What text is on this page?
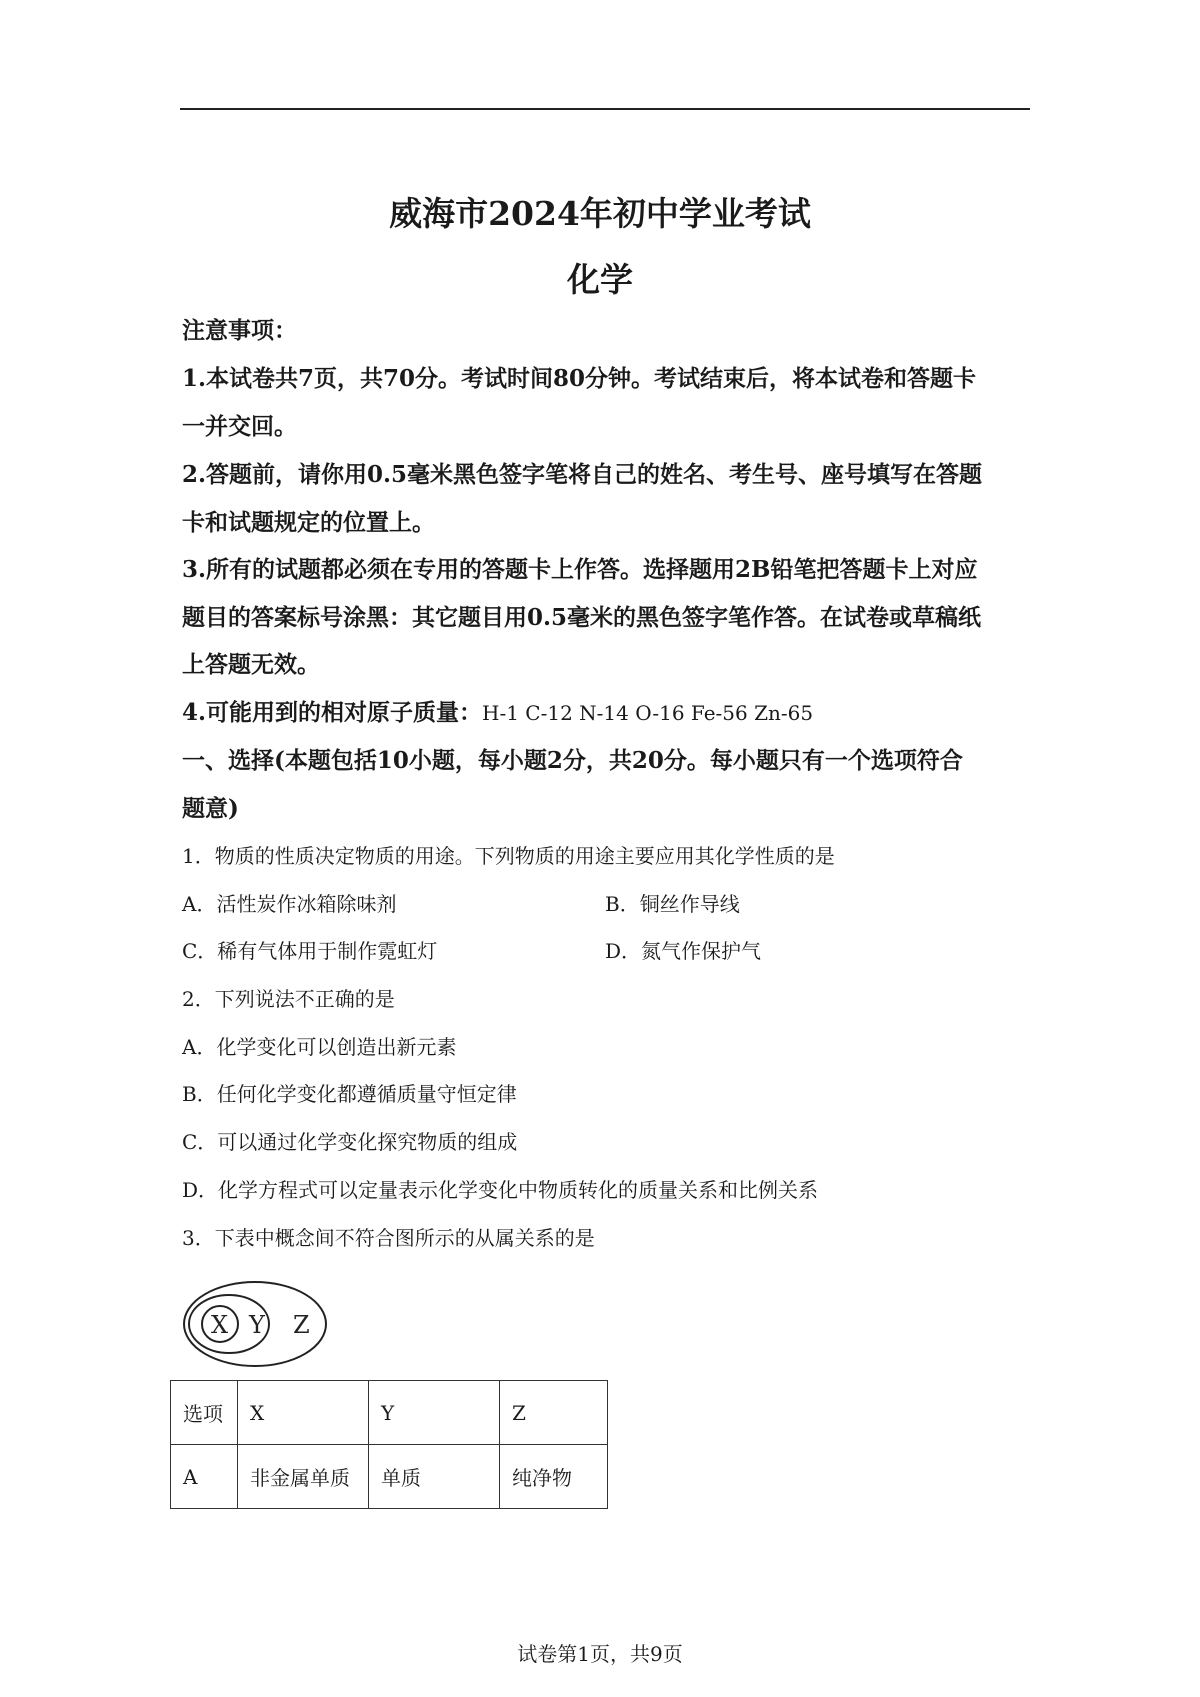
威海市2024年初中学业考试
化学
注意事项：
1.本试卷共7页，共70分。考试时间80分钟。考试结束后，将本试卷和答题卡
一并交回。
2.答题前，请你用0.5毫米黑色签字笔将自己的姓名、考生号、座号填写在答题
卡和试题规定的位置上。
3.所有的试题都必须在专用的答题卡上作答。选择题用2B铅笔把答题卡上对应
题目的答案标号涂黑：其它题目用0.5毫米的黑色签字笔作答。在试卷或草稿纸
上答题无效。
4.可能用到的相对原子质量：H-1 C-12 N-14 O-16 Fe-56 Zn-65
一、选择(本题包括10小题，每小题2分，共20分。每小题只有一个选项符合
题意)
1．物质的性质决定物质的用途。下列物质的用途主要应用其化学性质的是
A．活性炭作冰箱除味剂	B．铜丝作导线
C．稀有气体用于制作霓虹灯	D．氮气作保护气
2．下列说法不正确的是
A．化学变化可以创造出新元素
B．任何化学变化都遵循质量守恒定律
C．可以通过化学变化探究物质的组成
D．化学方程式可以定量表示化学变化中物质转化的质量关系和比例关系
3．下表中概念间不符合图所示的从属关系的是
X Y Z
选项	X	Y	Z
A	非金属单质	单质	纯净物
试卷第1页，共9页
